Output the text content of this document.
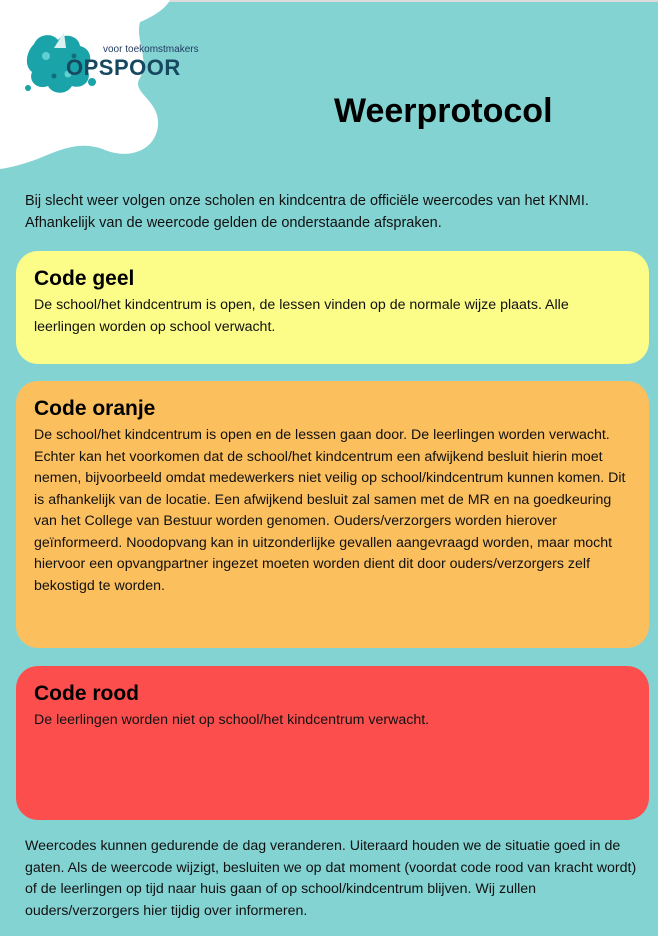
voor toekomstmakers
OPSPOOR
Weerprotocol

Bij slecht weer volgen onze scholen en kindcentra de officiële weercodes van het KNMI. Afhankelijk van de weercode gelden de onderstaande afspraken.

Code geel

De school/het kindcentrum is open, de lessen vinden op de normale wijze plaats. Alle leerlingen worden op school verwacht.

Code oranje

De school/het kindcentrum is open en de lessen gaan door. De leerlingen worden verwacht. Echter kan het voorkomen dat de school/het kindcentrum een afwijkend besluit hierin moet nemen, bijvoorbeeld omdat medewerkers niet veilig op school/kindcentrum kunnen komen. Dit is afhankelijk van de locatie. Een afwijkend besluit zal samen met de MR en na goedkeuring van het College van Bestuur worden genomen. Ouders/verzorgers worden hierover geïnformeerd. Noodopvang kan in uitzonderlijke gevallen aangevraagd worden, maar mocht hiervoor een opvangpartner ingezet moeten worden dient dit door ouders/verzorgers zelf bekostigd te worden.

Code rood

De leerlingen worden niet op school/het kindcentrum verwacht.

Weercodes kunnen gedurende de dag veranderen. Uiteraard houden we de situatie goed in de gaten. Als de weercode wijzigt, besluiten we op dat moment (voordat code rood van kracht wordt) of de leerlingen op tijd naar huis gaan of op school/kindcentrum blijven. Wij zullen ouders/verzorgers hier tijdig over informeren.
